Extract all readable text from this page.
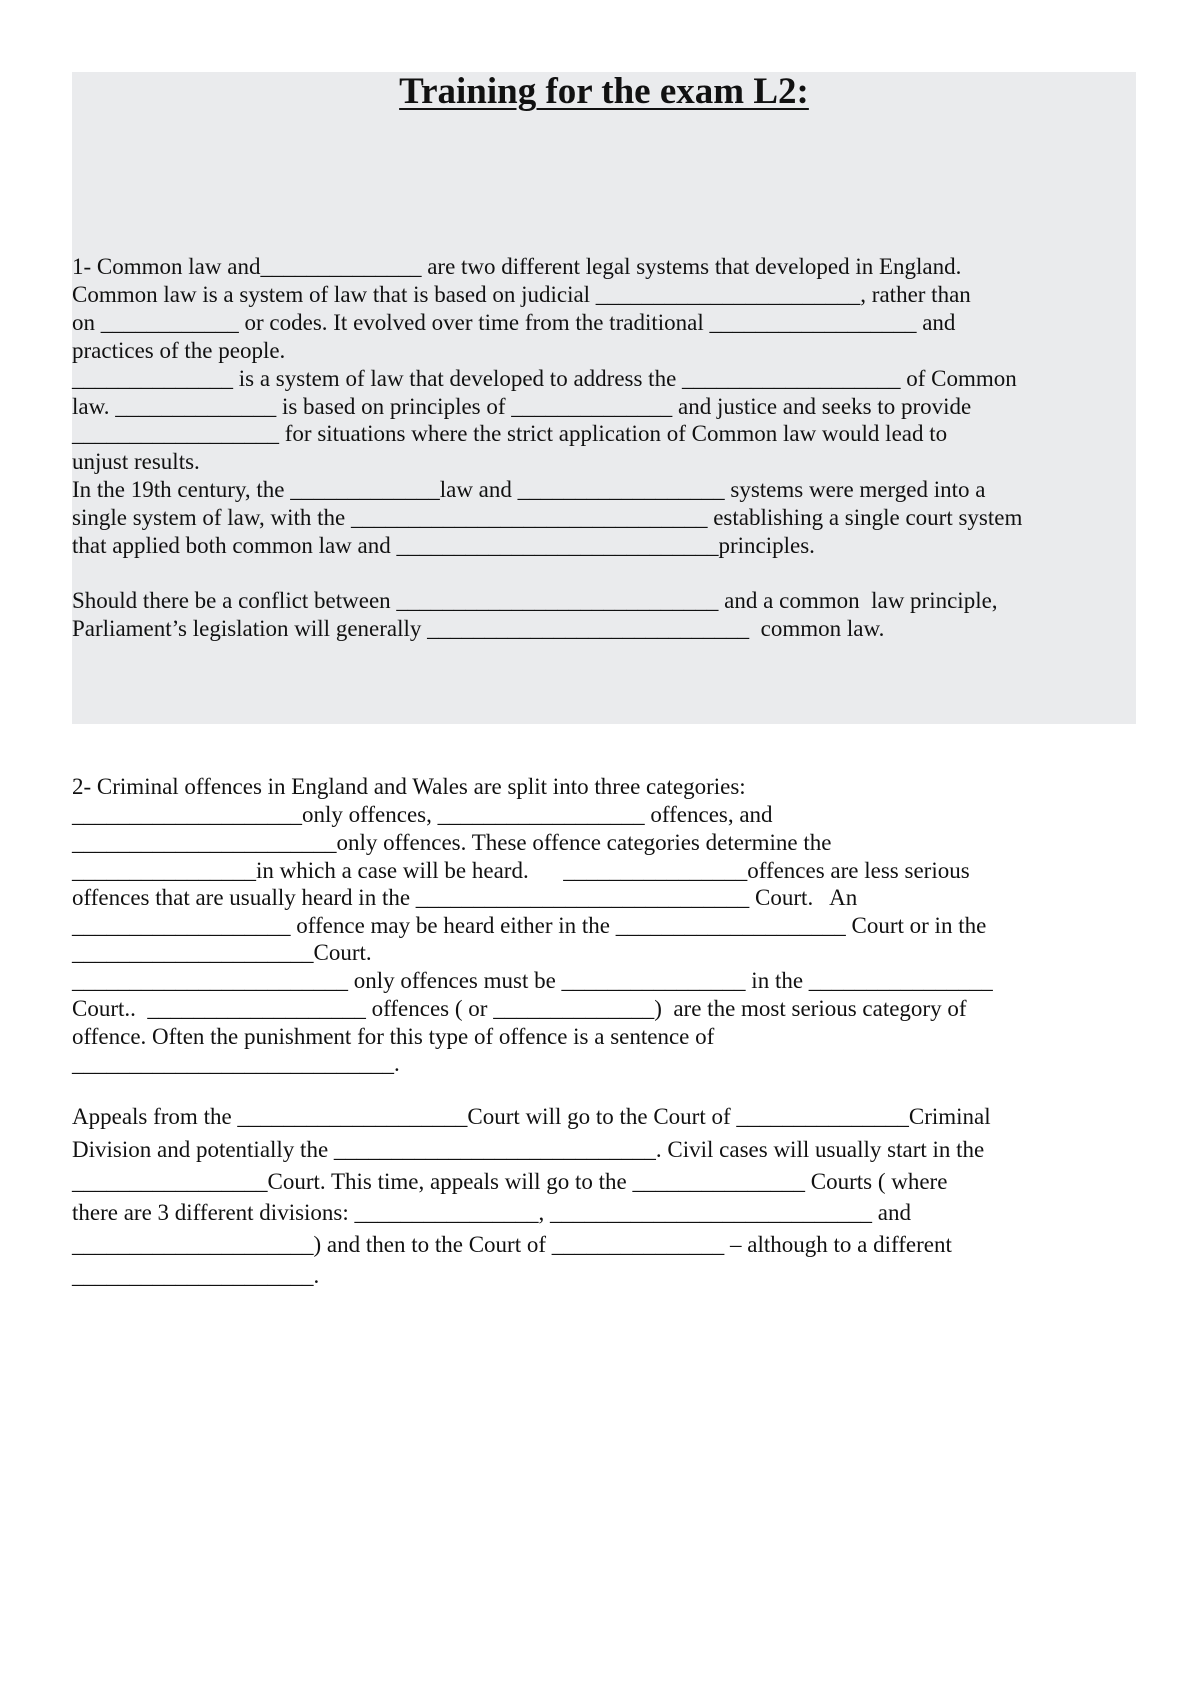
Training for the exam L2:

1- Common law and______________ are two different legal systems that developed in England.

Common law is a system of law that is based on judicial _______________________, rather than

on ____________ or codes. It evolved over time from the traditional __________________ and

practices of the people.

______________ is a system of law that developed to address the ___________________ of Common

law. ______________ is based on principles of ______________ and justice and seeks to provide

__________________ for situations where the strict application of Common law would lead to

unjust results.

In the 19th century, the _____________law and __________________ systems were merged into a

single system of law, with the _______________________________ establishing a single court system

that applied both common law and ____________________________principles.

Should there be a conflict between ____________________________ and a common  law principle,

Parliament’s legislation will generally ____________________________  common law.

2- Criminal offences in England and Wales are split into three categories:

____________________only offences, __________________ offences, and

_______________________only offences. These offence categories determine the

________________in which a case will be heard.      ________________offences are less serious

offences that are usually heard in the _____________________________ Court.   An

___________________ offence may be heard either in the ____________________ Court or in the

_____________________Court.

________________________ only offences must be ________________ in the ________________

Court..  ___________________ offences ( or ______________)  are the most serious category of

offence. Often the punishment for this type of offence is a sentence of

____________________________.

Appeals from the ____________________Court will go to the Court of _______________Criminal

Division and potentially the ____________________________. Civil cases will usually start in the

_________________Court. This time, appeals will go to the _______________ Courts ( where

there are 3 different divisions: ________________, ____________________________ and

_____________________) and then to the Court of _______________ – although to a different

_____________________.
